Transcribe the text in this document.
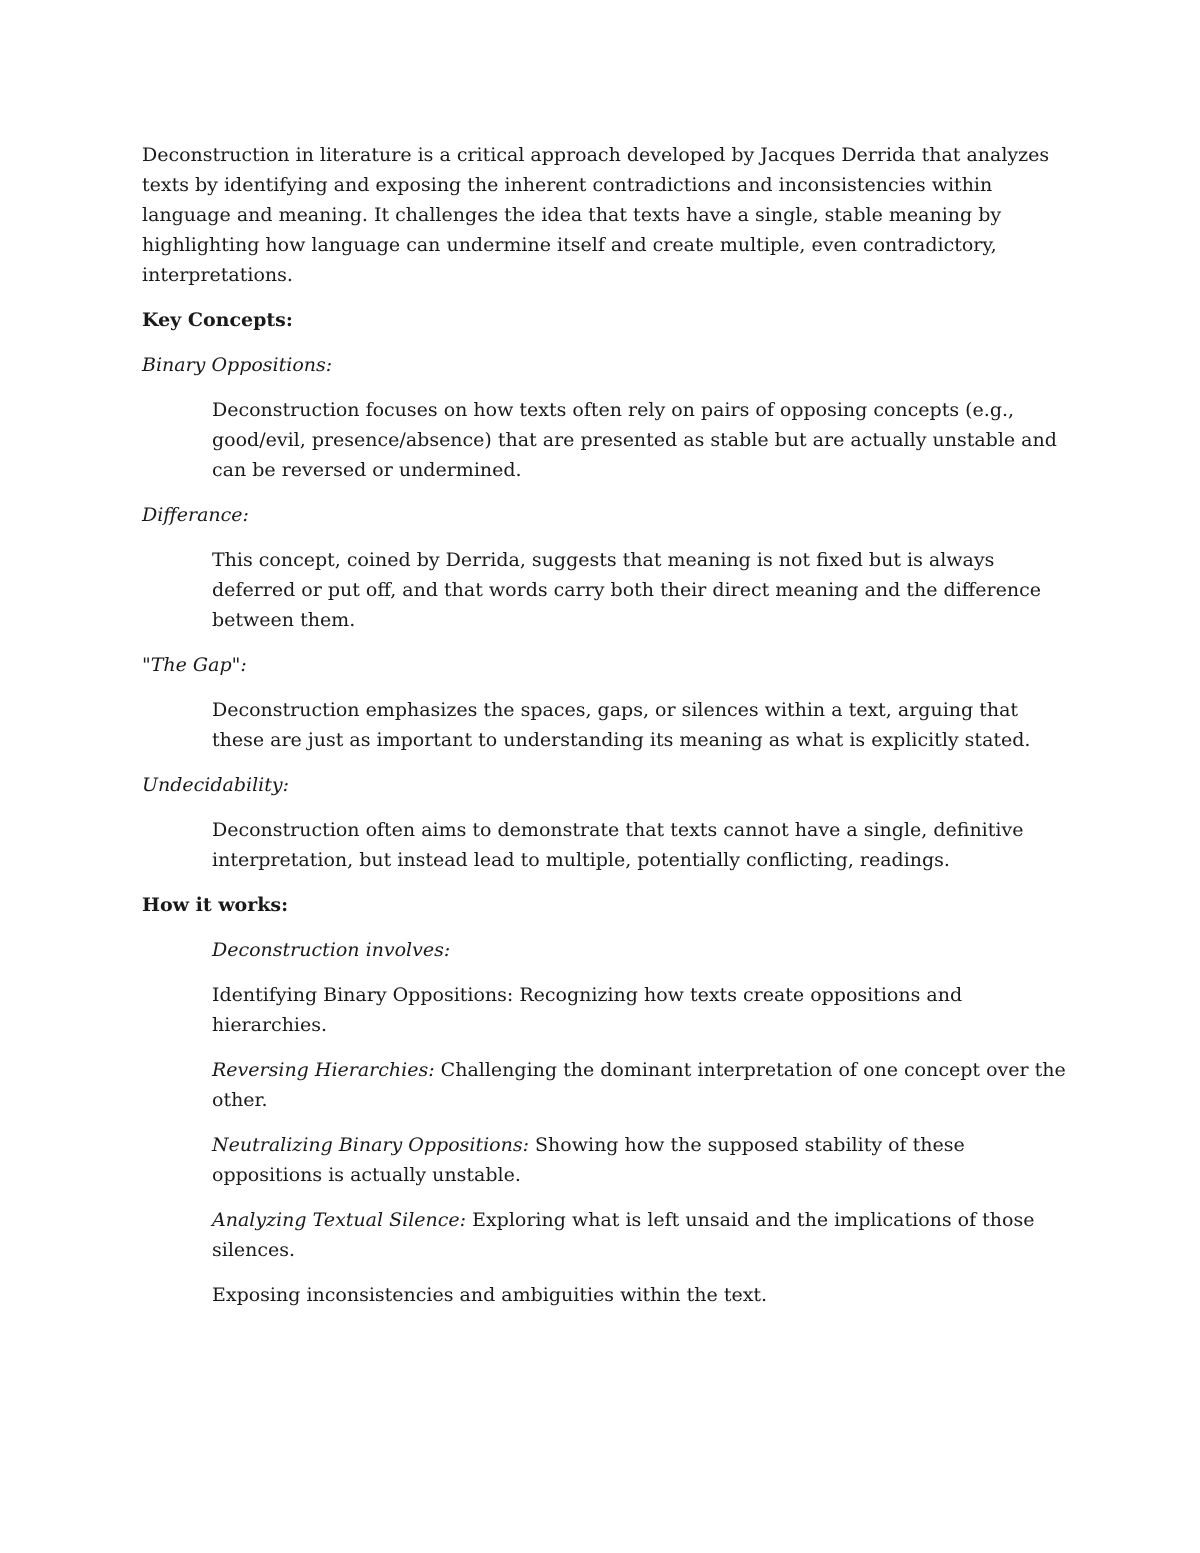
Deconstruction in literature is a critical approach developed by Jacques Derrida that analyzes texts by identifying and exposing the inherent contradictions and inconsistencies within language and meaning. It challenges the idea that texts have a single, stable meaning by highlighting how language can undermine itself and create multiple, even contradictory, interpretations.

Key Concepts:

Binary Oppositions:

Deconstruction focuses on how texts often rely on pairs of opposing concepts (e.g., good/evil, presence/absence) that are presented as stable but are actually unstable and can be reversed or undermined.

Differance:

This concept, coined by Derrida, suggests that meaning is not fixed but is always deferred or put off, and that words carry both their direct meaning and the difference between them.

"The Gap":

Deconstruction emphasizes the spaces, gaps, or silences within a text, arguing that these are just as important to understanding its meaning as what is explicitly stated.

Undecidability:

Deconstruction often aims to demonstrate that texts cannot have a single, definitive interpretation, but instead lead to multiple, potentially conflicting, readings.

How it works:

Deconstruction involves:

Identifying Binary Oppositions: Recognizing how texts create oppositions and hierarchies.

Reversing Hierarchies: Challenging the dominant interpretation of one concept over the other.

Neutralizing Binary Oppositions: Showing how the supposed stability of these oppositions is actually unstable.

Analyzing Textual Silence: Exploring what is left unsaid and the implications of those silences.

Exposing inconsistencies and ambiguities within the text.
